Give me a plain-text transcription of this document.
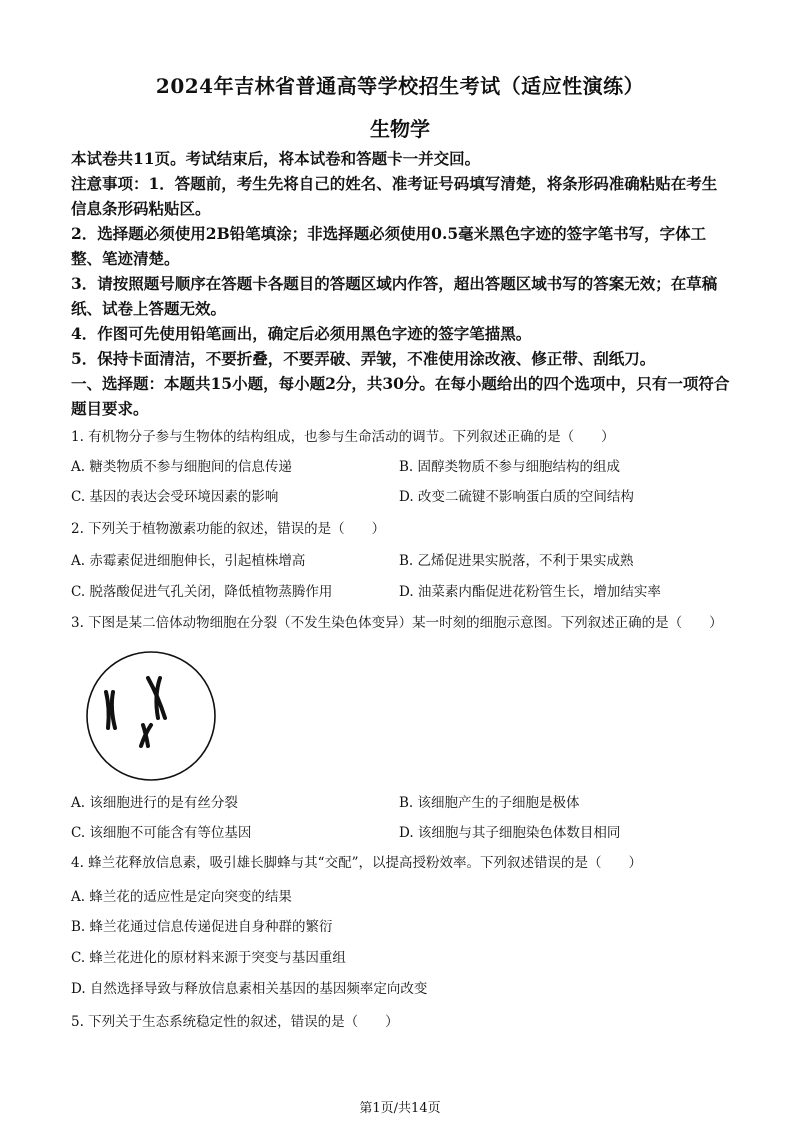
2024年吉林省普通高等学校招生考试（适应性演练）
生物学

本试卷共11页。考试结束后，将本试卷和答题卡一并交回。

注意事项：1．答题前，考生先将自己的姓名、准考证号码填写清楚，将条形码准确粘贴在考生信息条形码粘贴区。

2．选择题必须使用2B铅笔填涂；非选择题必须使用0.5毫米黑色字迹的签字笔书写，字体工整、笔迹清楚。

3．请按照题号顺序在答题卡各题目的答题区域内作答，超出答题区域书写的答案无效；在草稿纸、试卷上答题无效。

4．作图可先使用铅笔画出，确定后必须用黑色字迹的签字笔描黑。

5．保持卡面清洁，不要折叠，不要弄破、弄皱，不准使用涂改液、修正带、刮纸刀。

一、选择题：本题共15小题，每小题2分，共30分。在每小题给出的四个选项中，只有一项符合题目要求。

1. 有机物分子参与生物体的结构组成，也参与生命活动的调节。下列叙述正确的是（　　）
A. 糖类物质不参与细胞间的信息传递	B. 固醇类物质不参与细胞结构的组成
C. 基因的表达会受环境因素的影响	D. 改变二硫键不影响蛋白质的空间结构
2. 下列关于植物激素功能的叙述，错误的是（　　）
A. 赤霉素促进细胞伸长，引起植株增高	B. 乙烯促进果实脱落，不利于果实成熟
C. 脱落酸促进气孔关闭，降低植物蒸腾作用	D. 油菜素内酯促进花粉管生长，增加结实率
3. 下图是某二倍体动物细胞在分裂（不发生染色体变异）某一时刻的细胞示意图。下列叙述正确的是（　　）
A. 该细胞进行的是有丝分裂	B. 该细胞产生的子细胞是极体
C. 该细胞不可能含有等位基因	D. 该细胞与其子细胞染色体数目相同
4. 蜂兰花释放信息素，吸引雄长脚蜂与其“交配”，以提高授粉效率。下列叙述错误的是（　　）
A. 蜂兰花的适应性是定向突变的结果
B. 蜂兰花通过信息传递促进自身种群的繁衍
C. 蜂兰花进化的原材料来源于突变与基因重组
D. 自然选择导致与释放信息素相关基因的基因频率定向改变
5. 下列关于生态系统稳定性的叙述，错误的是（　　）
第1页/共14页
